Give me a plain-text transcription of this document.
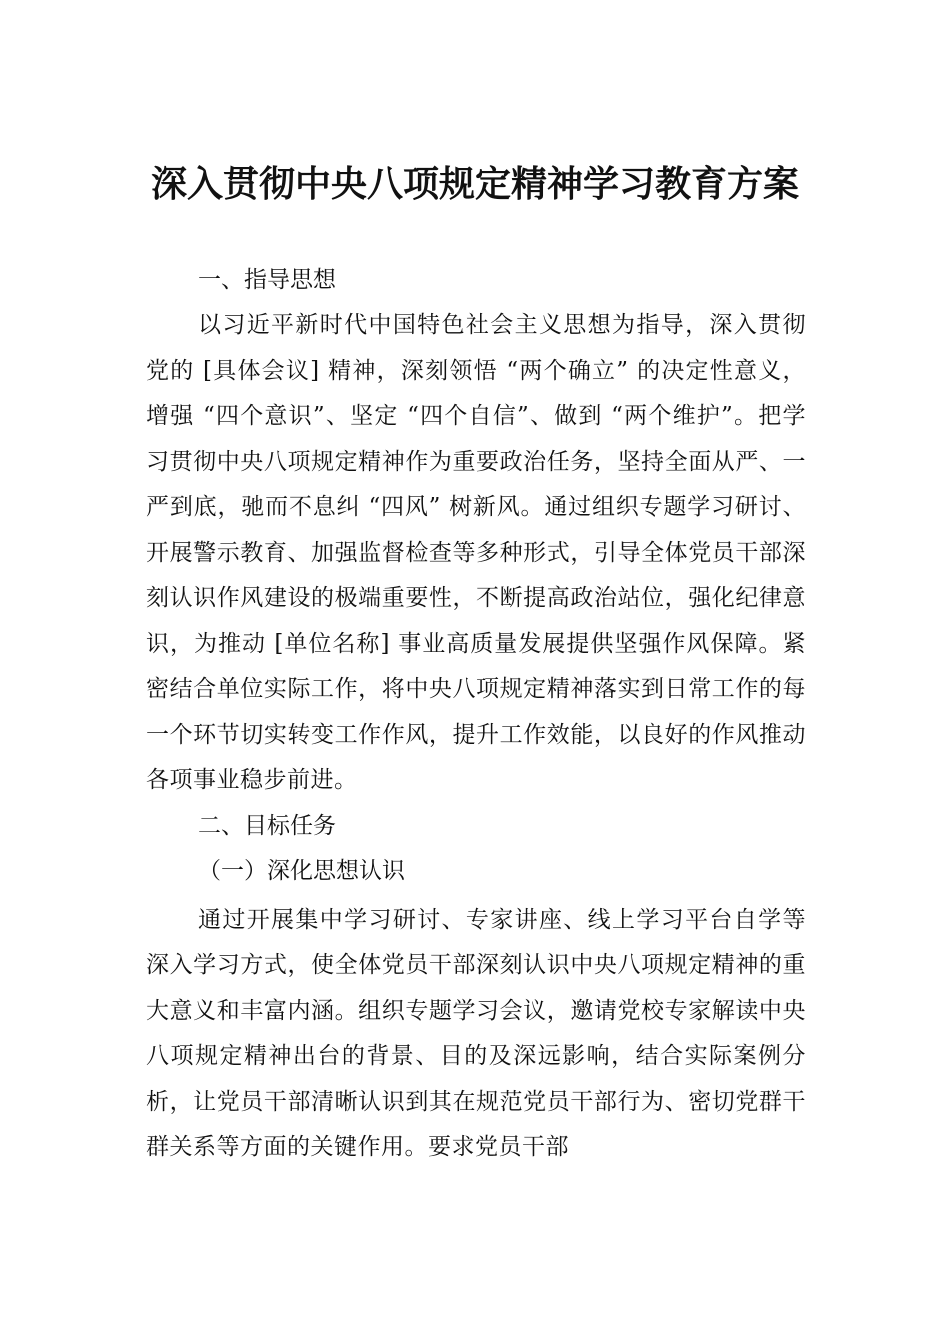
深入贯彻中央八项规定精神学习教育方案
一、指导思想

以习近平新时代中国特色社会主义思想为指导，深入贯彻党的 [具体会议] 精神，深刻领悟 “两个确立” 的决定性意义，增强 “四个意识”、坚定 “四个自信”、做到 “两个维护”。把学习贯彻中央八项规定精神作为重要政治任务，坚持全面从严、一严到底，驰而不息纠 “四风” 树新风。通过组织专题学习研讨、开展警示教育、加强监督检查等多种形式，引导全体党员干部深刻认识作风建设的极端重要性，不断提高政治站位，强化纪律意识，为推动 [单位名称] 事业高质量发展提供坚强作风保障。紧密结合单位实际工作，将中央八项规定精神落实到日常工作的每一个环节切实转变工作作风，提升工作效能，以良好的作风推动各项事业稳步前进。

二、目标任务
（一）深化思想认识

通过开展集中学习研讨、专家讲座、线上学习平台自学等深入学习方式，使全体党员干部深刻认识中央八项规定精神的重大意义和丰富内涵。组织专题学习会议，邀请党校专家解读中央八项规定精神出台的背景、目的及深远影响，结合实际案例分析，让党员干部清晰认识到其在规范党员干部行为、密切党群干群关系等方面的关键作用。要求党员干部
